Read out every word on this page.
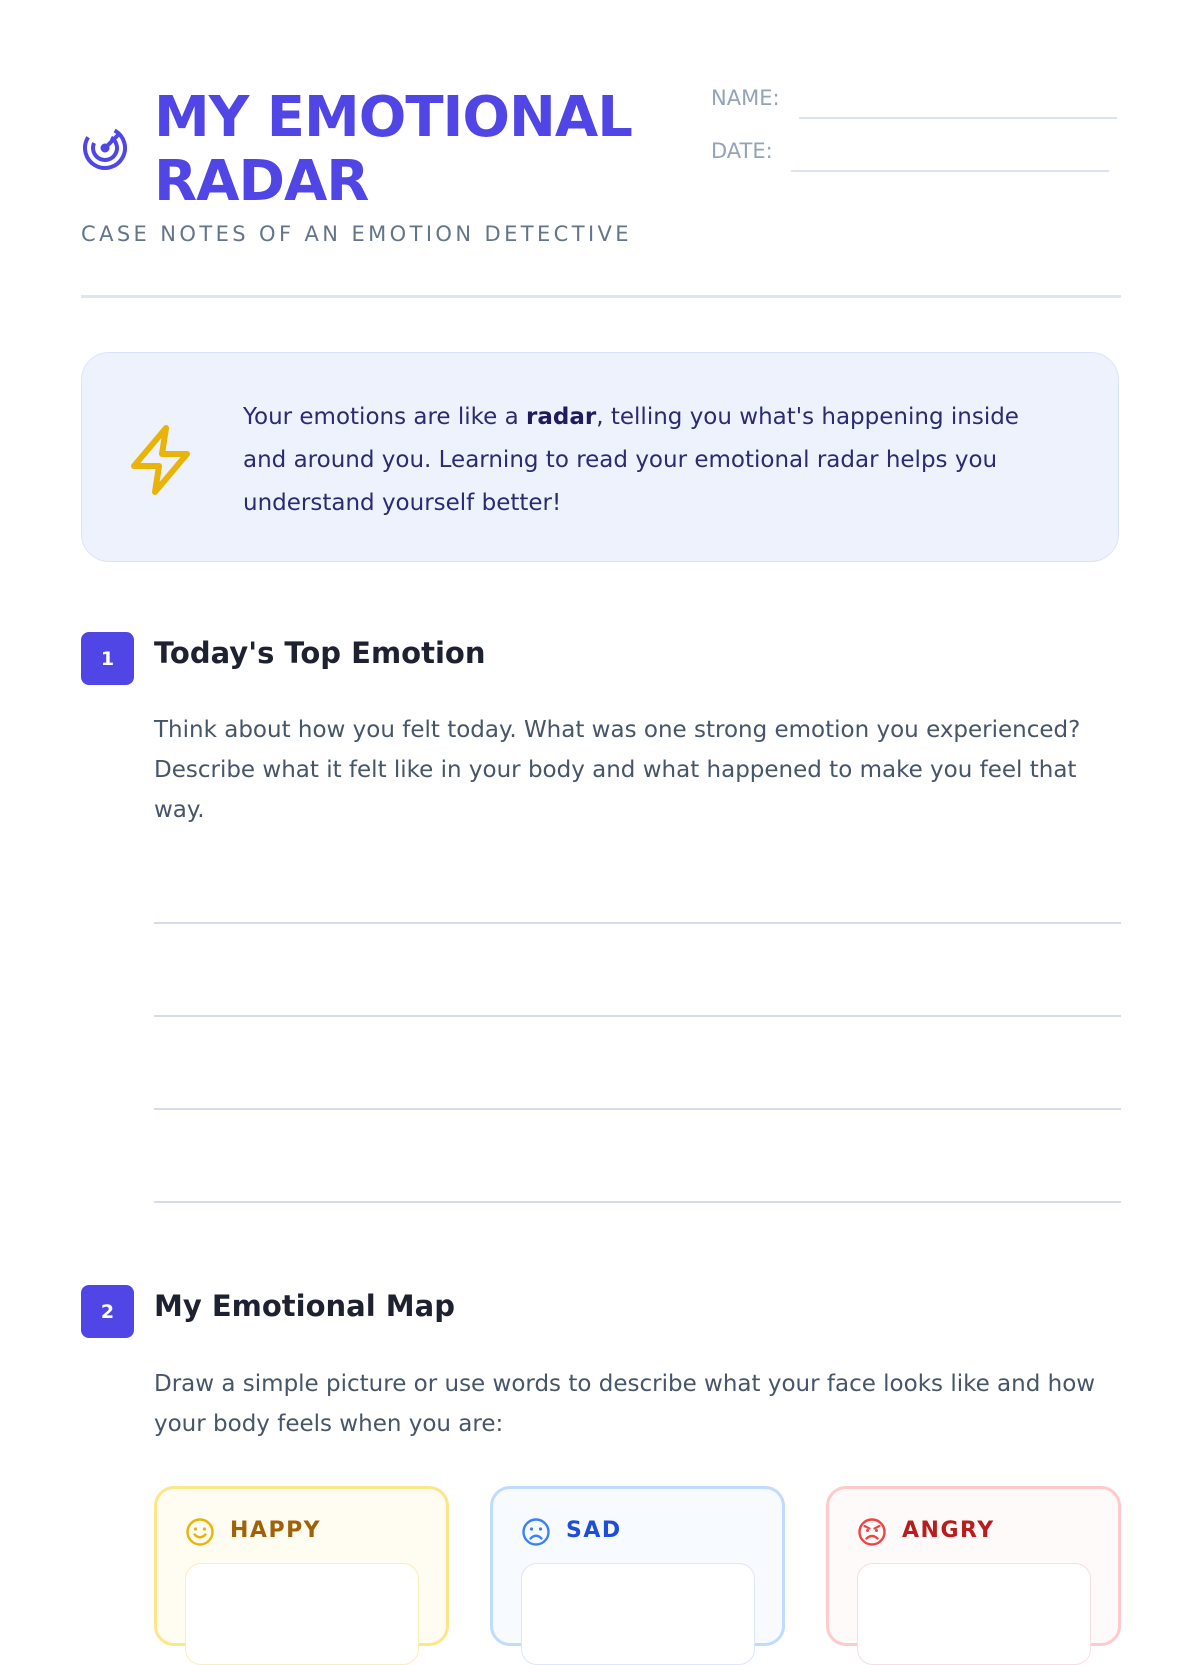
MY EMOTIONAL RADAR
CASE NOTES OF AN EMOTION DETECTIVE
NAME:
DATE:

Your emotions are like a radar, telling you what's happening inside and around you. Learning to read your emotional radar helps you understand yourself better!

1	Today's Top Emotion

Think about how you felt today. What was one strong emotion you experienced? Describe what it felt like in your body and what happened to make you feel that way.

2	My Emotional Map

Draw a simple picture or use words to describe what your face looks like and how your body feels when you are:

HAPPY	SAD	ANGRY
